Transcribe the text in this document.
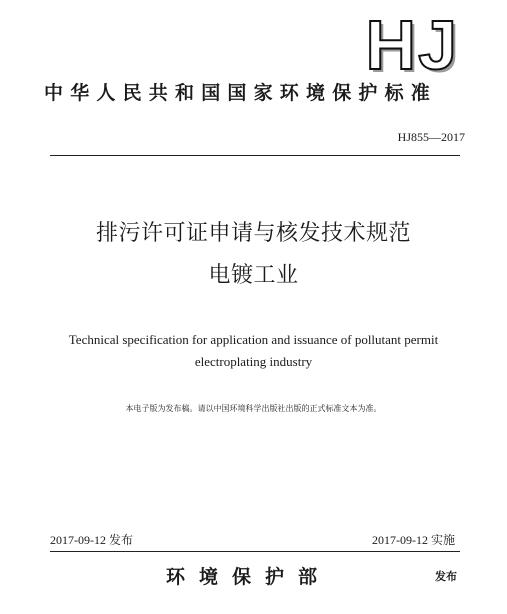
HJ
中华人民共和国国家环境保护标准
HJ855—2017
排污许可证申请与核发技术规范
电镀工业
Technical specification for application and issuance of pollutant permit
electroplating industry
本电子版为发布稿。请以中国环境科学出版社出版的正式标准文本为准。
2017-09-12 发布	2017-09-12 实施
环境保护部	发布
